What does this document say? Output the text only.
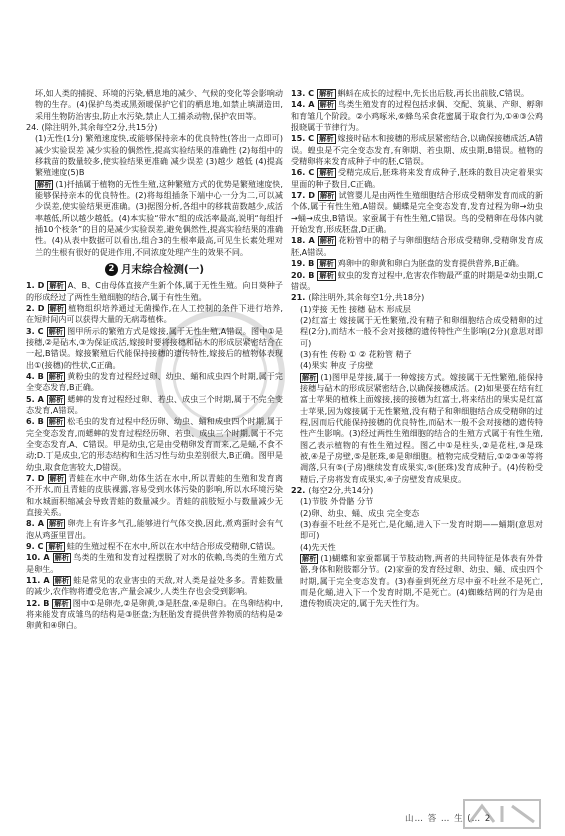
坏,如人类的捕捉、环境的污染,栖息地的减少、气候的变化等会影响动物的生存。(4)保护鸟类或黑颈暖保护它们的栖息地,如禁止填湖造田,采用生物防治害虫,防止水污染,禁止人工捕杀动物,保护农田等。

24. (除注明外,其余每空2分,共15分)

(1)无性(1分) 繁殖速度快,或能够保持亲本的优良特性(答出一点即可) 减少实验误差 减少实验的偶然性,提高实验结果的准确性 (2)每组中的移栽苗的数量较多,使实验结果更准确 减少误差 (3)越少 越低 (4)提高繁殖速度(5)B

解析 (1)扦插属于植物的无性生殖,这种繁殖方式的优势是繁殖速度快,能够保持亲本的优良特性。(2)将每组插条下端中心一分为二,可以减少误差,使实验结果更准确。(3)据图分析,各组中的移栽苗数越少,成活率越低,所以越少越低。(4)本实验“带水”组的成活率最高,说明“每组扦插10个枝条”的目的是减少实验误差,避免偶然性,提高实验结果的准确性。(4)从表中数据可以看出,组合3的生根率最高,可见生长素处理对兰的生根有很好的促进作用,不同浓度处理产生的效果不同。

2 月末综合检测(一)

1. D 解析 A、B、C由母体直接产生新个体,属于无性生殖。向日葵种子的形成经过了两性生殖细胞的结合,属于有性生殖。

2. D 解析 植物组织培养通过无菌操作,在人工控制的条件下进行培养,在短时间内可以获得大量的无病毒植株。

3. C 解析 图甲所示的繁殖方式是嫁接,属于无性生殖,A错误。图中①是接穗,②是砧木,③为保证成活,嫁接时要将接穗和砧木的形成层紧密结合在一起,B错误。嫁接繁殖后代能保持接穗的遗传特性,嫁接后的植物体表现出①(接穗)的性状,C正确。

4. B 解析 黄粉虫的发育过程经过卵、幼虫、蛹和成虫四个时期,属于完全变态发育,B正确。

5. A 解析 蟋蟀的发育过程经过卵、若虫、成虫三个时期,属于不完全变态发育,A错误。

6. B 解析 松毛虫的发育过程中经历卵、幼虫、蛹和成虫四个时期,属于完全变态发育,而蟋蟀的发育过程经历卵、若虫、成虫三个时期,属于不完全变态发育,A、C错误。甲是幼虫,它是由受精卵发育而来,乙是蛹,不食不动;D.丁是成虫,它的形态结构和生活习性与幼虫差别很大,B正确。图甲是幼虫,取食危害较大,D错误。

7. D 解析 青蛙在水中产卵,幼体生活在水中,所以青蛙的生殖和发育离不开水,而且青蛙的皮肤裸露,容易受到水体污染的影响,所以水环境污染和水城面积缩减会导致青蛙的数量减少。青蛙的前肢短小与数量减少无直接关系。

8. A 解析 卵壳上有许多气孔,能够进行气体交换,因此,煮鸡蛋时会有气泡从鸡蛋里冒出。

9. C 解析 蛙的生殖过程不在水中,所以在水中结合形成受精卵,C错误。

10. A 解析 鸟类的生殖和发育过程摆脱了对水的依赖,鸟类的生殖方式是卵生。

11. A 解析 蛙是常见的农业害虫的天敌,对人类是益处多多。青蛙数量的减少,农作物将遭受危害,产量会减少,人类生存也会受到影响。

12. B 解析 图中①是卵壳,②是卵黄,③是胚盘,④是卵白。在鸟卵结构中,将来能发育成雏鸟的结构是③胚盘;为胚胎发育提供营养物质的结构是②卵黄和④卵白。

13. C 解析 蝌蚪在成长的过程中,先长出后肢,再长出前肢,C错误。

14. A 解析 鸟类生殖发育的过程包括求偶、交配、筑巢、产卵、孵卵和育雏几个阶段。②小鸡啄米,⑥蜂鸟采食花蜜属于取食行为,①④③公鸡报晓属于节律行为。

15. C 解析 嫁接时砧木和接穗的形成层紧密结合,以确保接穗成活,A错误。蝗虫是不完全变态发育,有卵期、若虫期、成虫期,B错误。植物的受精卵将来发育成种子中的胚,C错误。

16. C 解析 受精完成后,胚珠将来发育成种子,胚珠的数目决定着果实里面的种子数目,C正确。

17. D 解析 试管婴儿是由两性生殖细胞结合形成受精卵发育而成的新个体,属于有性生殖,A错误。蝴蝶是完全变态发育,发育过程为卵→幼虫→蛹→成虫,B错误。家蚕属于有性生殖,C错误。鸟的受精卵在母体内就开始发育,形成胚盘,D正确。

18. A 解析 花粉管中的精子与卵细胞结合形成受精卵,受精卵发育成胚,A错误。

19. B 解析 鸡卵中的卵黄和卵白为胚盘的发育提供营养,B正确。

20. B 解析 蚊虫的发育过程中,危害农作物最严重的时期是②幼虫期,C错误。

21. (除注明外,其余每空1分,共18分)

(1)芽接 无性 接穗 砧木 形成层

(2)红富士 嫁接属于无性繁殖,没有精子和卵细胞结合成受精卵的过程(2分),而结木一般不会对接穗的遗传特性产生影响(2分)(意思对即可)

(3)有性 传粉 ① ② 花粉管 精子

(4)果实 种皮 子房壁

解析 (1)图甲是芽接,属于一种嫁接方式。嫁接属于无性繁殖,能保持接穗与砧木的形成层紧密结合,以确保接穗成活。(2)如果要在结有红富士苹果的植株上面嫁接,接的接穗为红富士,将来结出的果实是红富士苹果,因为嫁接属于无性繁殖,没有精子和卵细胞结合成受精卵的过程,因而后代能保持接穗的优良特性,而砧木一般不会对接穗的遗传特性产生影响。(3)经过两性生殖细胞的结合的生殖方式属于有性生殖,图乙表示植物的有性生殖过程。图乙中①是柱头,②是花柱,③是珠被,④是子房壁,⑤是胚珠,⑥是卵细胞。植物完成受精后,①②③④等将凋落,只有⑤(子房)继续发育成果实,⑤(胚珠)发育成种子。(4)传粉受精后,子房将发育成果实,④子房壁发育成果皮。

22. (每空2分,共14分)

(1)节肢 外骨骼 分节

(2)卵、幼虫、蛹、成虫 完全变态

(3)春蚕不吐丝不是死亡,是化蛹,进入下一发育时期——蛹期(意思对即可)

(4)先天性

解析 (1)蝴蝶和家蚕都属于节肢动物,两者的共同特征是体表有外骨骼,身体和附肢都分节。(2)家蚕的发育经过卵、幼虫、蛹、成虫四个时期,属于完全变态发育。(3)春蚕到死丝方尽中蚕不吐丝不是死亡,而是化蛹,进入下一个发育时期,不是死亡。(4)蜘蛛结网的行为是由遗传物质决定的,属于先天性行为。

山… 答 … 生 (… 2
